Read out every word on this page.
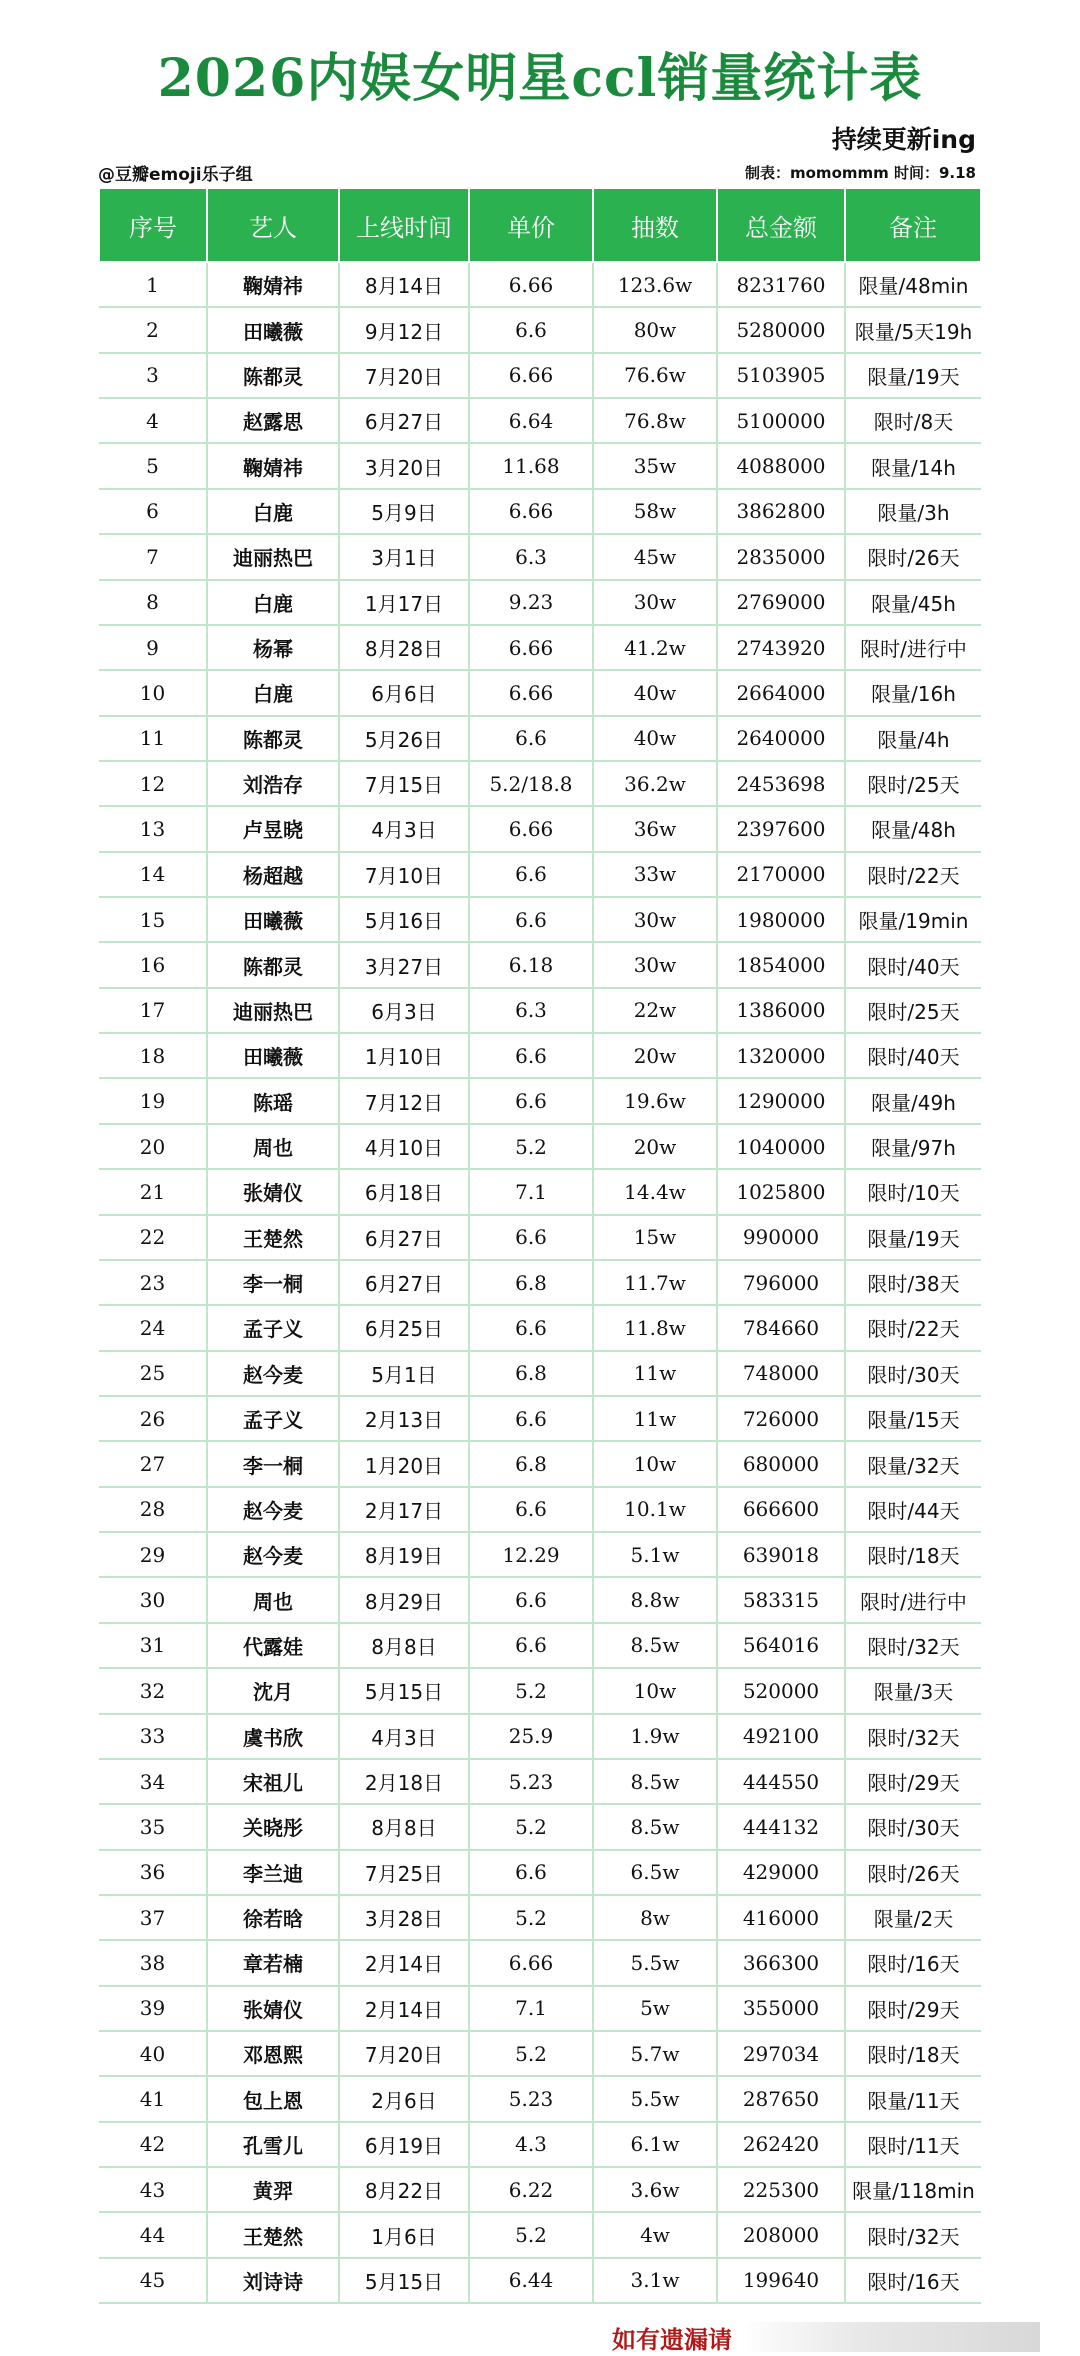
2026内娱女明星ccl销量统计表
持续更新ing
@豆瓣emoji乐子组	制表：momommm 时间：9.18
序号	艺人	上线时间	单价	抽数	总金额	备注
1	鞠婧祎	8月14日	6.66	123.6w	8231760	限量/48min
2	田曦薇	9月12日	6.6	80w	5280000	限量/5天19h
3	陈都灵	7月20日	6.66	76.6w	5103905	限量/19天
4	赵露思	6月27日	6.64	76.8w	5100000	限时/8天
5	鞠婧祎	3月20日	11.68	35w	4088000	限量/14h
6	白鹿	5月9日	6.66	58w	3862800	限量/3h
7	迪丽热巴	3月1日	6.3	45w	2835000	限时/26天
8	白鹿	1月17日	9.23	30w	2769000	限量/45h
9	杨幂	8月28日	6.66	41.2w	2743920	限时/进行中
10	白鹿	6月6日	6.66	40w	2664000	限量/16h
11	陈都灵	5月26日	6.6	40w	2640000	限量/4h
12	刘浩存	7月15日	5.2/18.8	36.2w	2453698	限时/25天
13	卢昱晓	4月3日	6.66	36w	2397600	限量/48h
14	杨超越	7月10日	6.6	33w	2170000	限时/22天
15	田曦薇	5月16日	6.6	30w	1980000	限量/19min
16	陈都灵	3月27日	6.18	30w	1854000	限时/40天
17	迪丽热巴	6月3日	6.3	22w	1386000	限时/25天
18	田曦薇	1月10日	6.6	20w	1320000	限时/40天
19	陈瑶	7月12日	6.6	19.6w	1290000	限量/49h
20	周也	4月10日	5.2	20w	1040000	限量/97h
21	张婧仪	6月18日	7.1	14.4w	1025800	限时/10天
22	王楚然	6月27日	6.6	15w	990000	限量/19天
23	李一桐	6月27日	6.8	11.7w	796000	限时/38天
24	孟子义	6月25日	6.6	11.8w	784660	限时/22天
25	赵今麦	5月1日	6.8	11w	748000	限时/30天
26	孟子义	2月13日	6.6	11w	726000	限量/15天
27	李一桐	1月20日	6.8	10w	680000	限量/32天
28	赵今麦	2月17日	6.6	10.1w	666600	限时/44天
29	赵今麦	8月19日	12.29	5.1w	639018	限时/18天
30	周也	8月29日	6.6	8.8w	583315	限时/进行中
31	代露娃	8月8日	6.6	8.5w	564016	限时/32天
32	沈月	5月15日	5.2	10w	520000	限量/3天
33	虞书欣	4月3日	25.9	1.9w	492100	限时/32天
34	宋祖儿	2月18日	5.23	8.5w	444550	限时/29天
35	关晓彤	8月8日	5.2	8.5w	444132	限时/30天
36	李兰迪	7月25日	6.6	6.5w	429000	限时/26天
37	徐若晗	3月28日	5.2	8w	416000	限量/2天
38	章若楠	2月14日	6.66	5.5w	366300	限时/16天
39	张婧仪	2月14日	7.1	5w	355000	限时/29天
40	邓恩熙	7月20日	5.2	5.7w	297034	限时/18天
41	包上恩	2月6日	5.23	5.5w	287650	限量/11天
42	孔雪儿	6月19日	4.3	6.1w	262420	限时/11天
43	黄羿	8月22日	6.22	3.6w	225300	限量/118min
44	王楚然	1月6日	5.2	4w	208000	限时/32天
45	刘诗诗	5月15日	6.44	3.1w	199640	限时/16天
如有遗漏请
